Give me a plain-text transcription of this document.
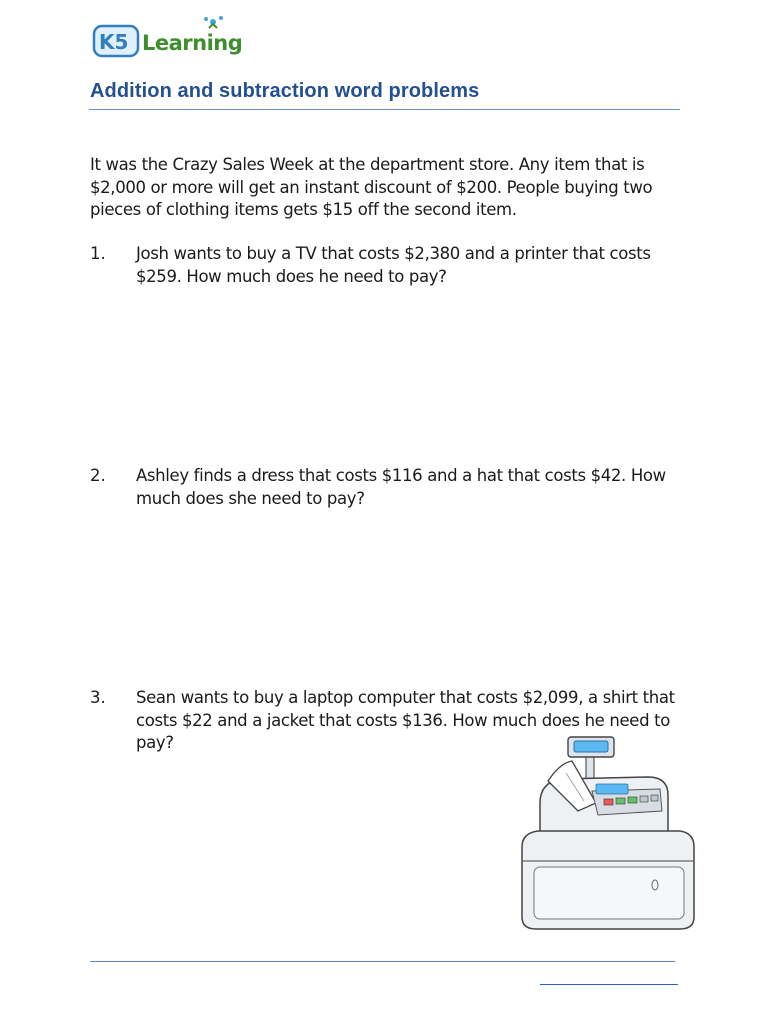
K5 Learning
Addition and subtraction word problems

It was the Crazy Sales Week at the department store. Any item that is $2,000 or more will get an instant discount of $200. People buying two pieces of clothing items gets $15 off the second item.

1. Josh wants to buy a TV that costs $2,380 and a printer that costs $259. How much does he need to pay?

2. Ashley finds a dress that costs $116 and a hat that costs $42. How much does she need to pay?

3. Sean wants to buy a laptop computer that costs $2,099, a shirt that costs $22 and a jacket that costs $136. How much does he need to pay?
